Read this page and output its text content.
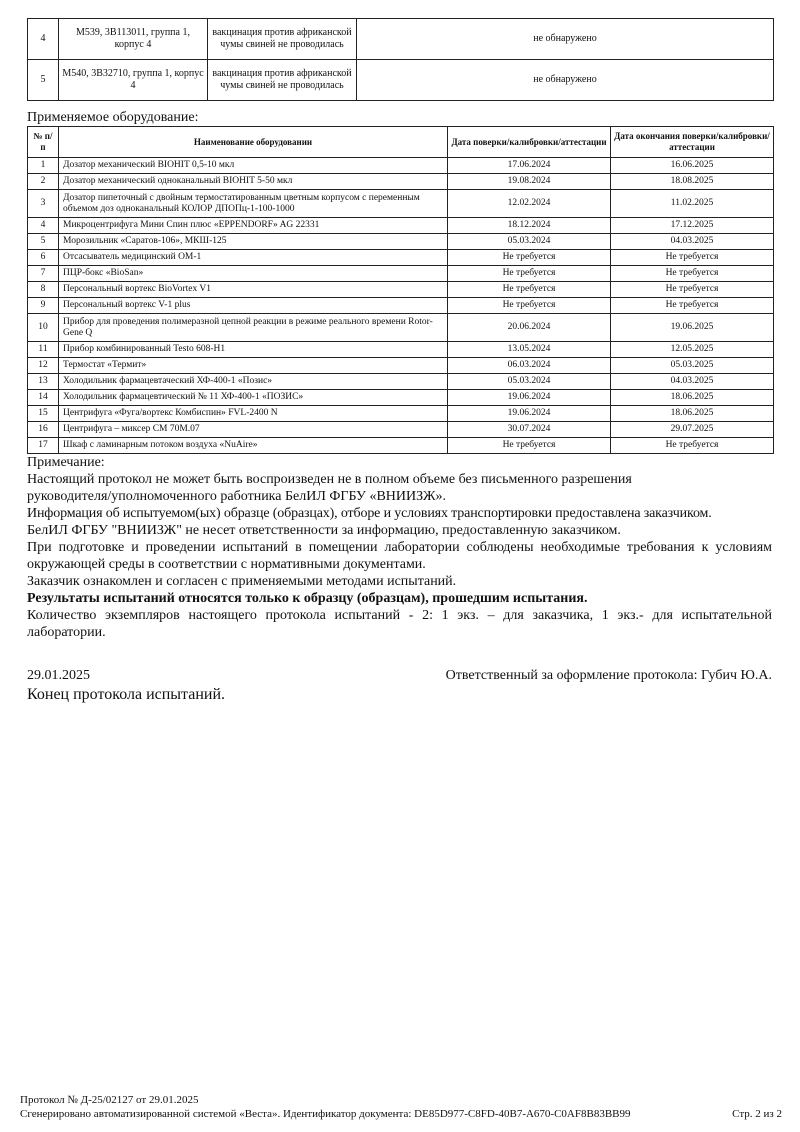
4	M539, 3B113011, группа 1, корпус 4	вакцинация против африканской чумы свиней не проводилась	не обнаружено
5	M540, 3B32710, группа 1, корпус 4	вакцинация против африканской чумы свиней не проводилась	не обнаружено
Применяемое оборудование:
№ п/п	Наименование оборудовании	Дата поверки/калибровки/аттестации	Дата окончания поверки/калибровки/аттестации
1	Дозатор механический BIOHIT 0,5-10 мкл	17.06.2024	16.06.2025
2	Дозатор механический одноканальный BIOHIT 5-50 мкл	19.08.2024	18.08.2025
3	Дозатор пипеточный с двойным термостатированным цветным корпусом с переменным объемом доз одноканальный КОЛОР ДПОПц-1-100-1000	12.02.2024	11.02.2025
4	Микроцентрифуга Мини Спин плюс «EPPENDORF» AG 22331	18.12.2024	17.12.2025
5	Морозильник «Саратов-106», МКШ-125	05.03.2024	04.03.2025
6	Отсасыватель медицинский ОМ-1	Не требуется	Не требуется
7	ПЦР-бокс «BioSan»	Не требуется	Не требуется
8	Персональный вортекс BioVortex V1	Не требуется	Не требуется
9	Персональный вортекс V-1 plus	Не требуется	Не требуется
10	Прибор для проведения полимеразной цепной реакции в режиме реального времени Rotor-Gene Q	20.06.2024	19.06.2025
11	Прибор комбинированный Testo 608-H1	13.05.2024	12.05.2025
12	Термостат «Термит»	06.03.2024	05.03.2025
13	Холодильник фармацевтаческий ХФ-400-1 «Позис»	05.03.2024	04.03.2025
14	Холодильник фармацевтический № 11 ХФ-400-1 «ПОЗИС»	19.06.2024	18.06.2025
15	Центрифуга «Фуга/вортекс Комбиспин» FVL-2400 N	19.06.2024	18.06.2025
16	Центрифуга – миксер СМ 70М.07	30.07.2024	29.07.2025
17	Шкаф с ламинарным потоком воздуха «NuAire»	Не требуется	Не требуется

Примечание:

Настоящий протокол не может быть воспроизведен не в полном объеме без письменного разрешения

руководителя/уполномоченного работника БелИЛ ФГБУ «ВНИИЗЖ».

Информация об испытуемом(ых) образце (образцах), отборе и условиях транспортировки предоставлена заказчиком.

БелИЛ ФГБУ "ВНИИЗЖ" не несет ответственности за информацию, предоставленную заказчиком.

При подготовке и проведении испытаний в помещении лаборатории соблюдены необходимые требования к условиям окружающей среды в соответствии с нормативными документами.

Заказчик ознакомлен и согласен с применяемыми методами испытаний.

Результаты испытаний относятся только к образцу (образцам), прошедшим испытания.

Количество экземпляров настоящего протокола испытаний - 2: 1 экз. – для заказчика, 1 экз.- для испытательной лаборатории.

29.01.2025	Ответственный за оформление протокола: Губич Ю.А.
Конец протокола испытаний.
Протокол № Д-25/02127 от 29.01.2025
Сгенерировано автоматизированной системой «Веста». Идентификатор документа: DE85D977-C8FD-40B7-A670-C0AF8B83BB99	Стр. 2 из 2
